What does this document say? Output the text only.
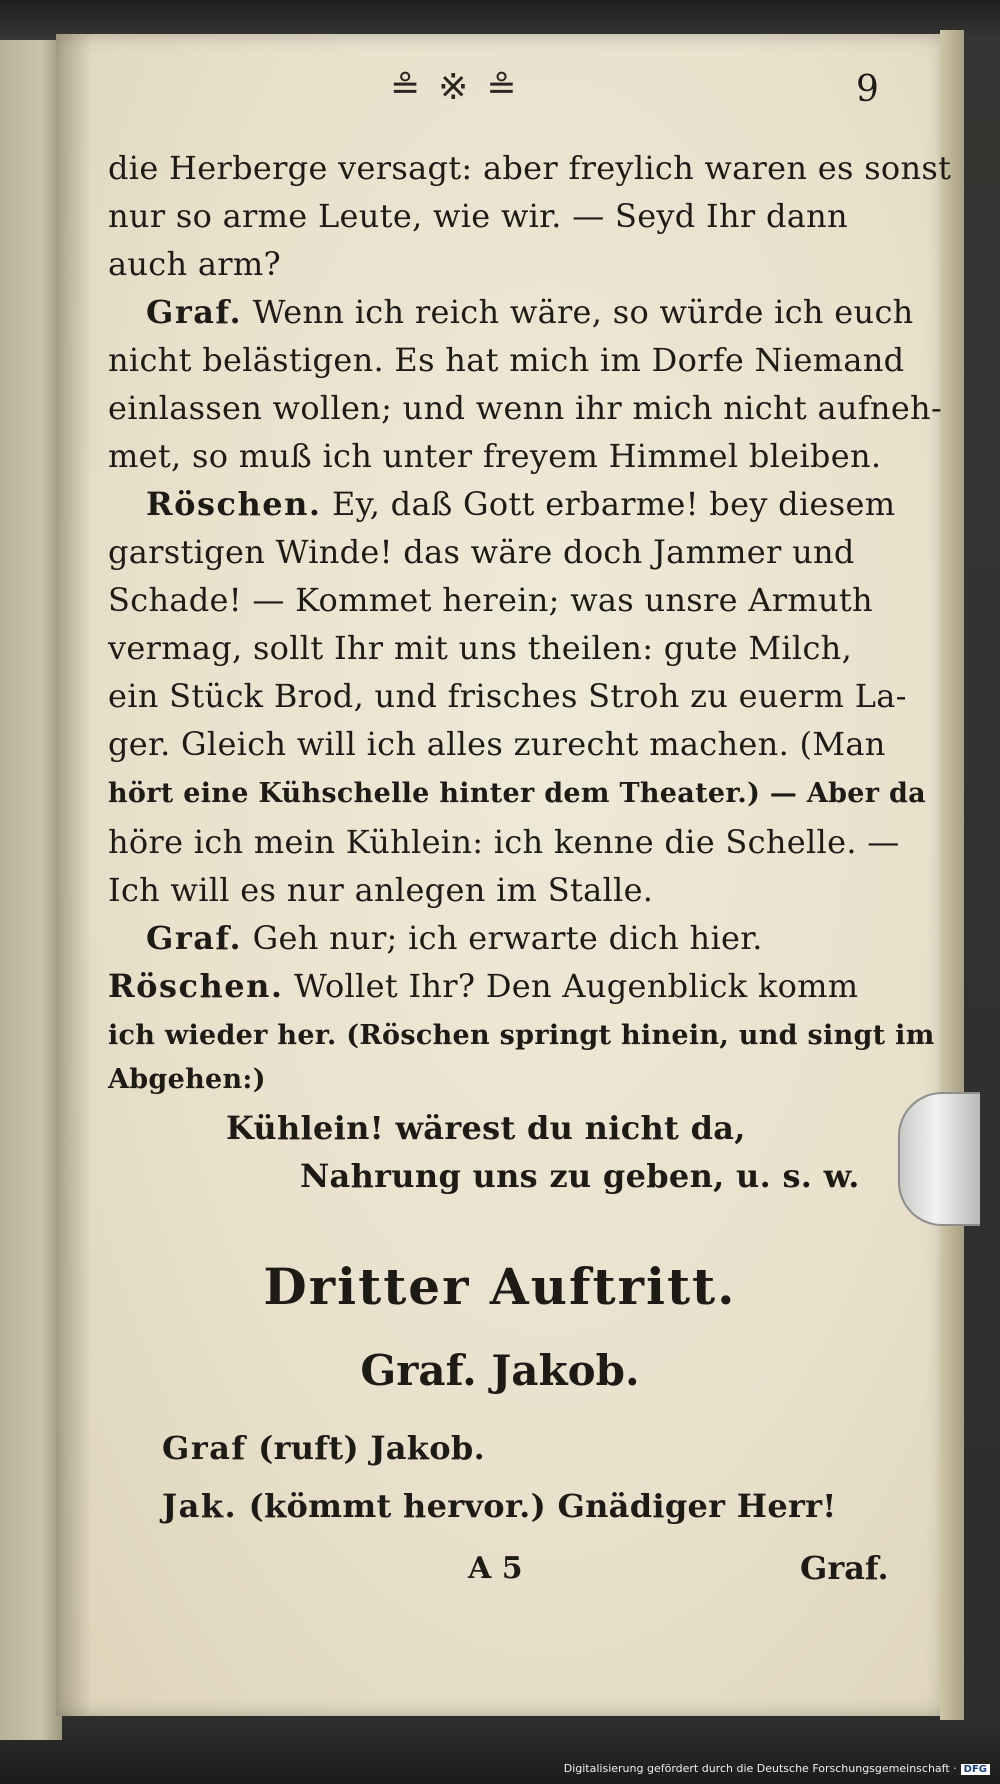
≗※≗	9
die Herberge versagt: aber freylich waren es sonst
nur so arme Leute, wie wir. — Seyd Ihr dann
auch arm?
Graf. Wenn ich reich wäre, so würde ich euch
nicht belästigen. Es hat mich im Dorfe Niemand
einlassen wollen; und wenn ihr mich nicht aufneh-
met, so muß ich unter freyem Himmel bleiben.
Röschen. Ey, daß Gott erbarme! bey diesem
garstigen Winde! das wäre doch Jammer und
Schade! — Kommet herein; was unsre Armuth
vermag, sollt Ihr mit uns theilen: gute Milch,
ein Stück Brod, und frisches Stroh zu euerm La-
ger. Gleich will ich alles zurecht machen. (Man
hört eine Kühschelle hinter dem Theater.) — Aber da
höre ich mein Kühlein: ich kenne die Schelle. —
Ich will es nur anlegen im Stalle.
Graf. Geh nur; ich erwarte dich hier.
Röschen. Wollet Ihr? Den Augenblick komm
ich wieder her. (Röschen springt hinein, und singt im
Abgehen:)
Kühlein! wärest du nicht da,
Nahrung uns zu geben, u. s. w.
Dritter Auftritt.
Graf. Jakob.
Graf (ruft) Jakob.
Jak. (kömmt hervor.) Gnädiger Herr!
A 5	Graf.
Digitalisierung gefördert durch die Deutsche Forschungsgemeinschaft · DFG
